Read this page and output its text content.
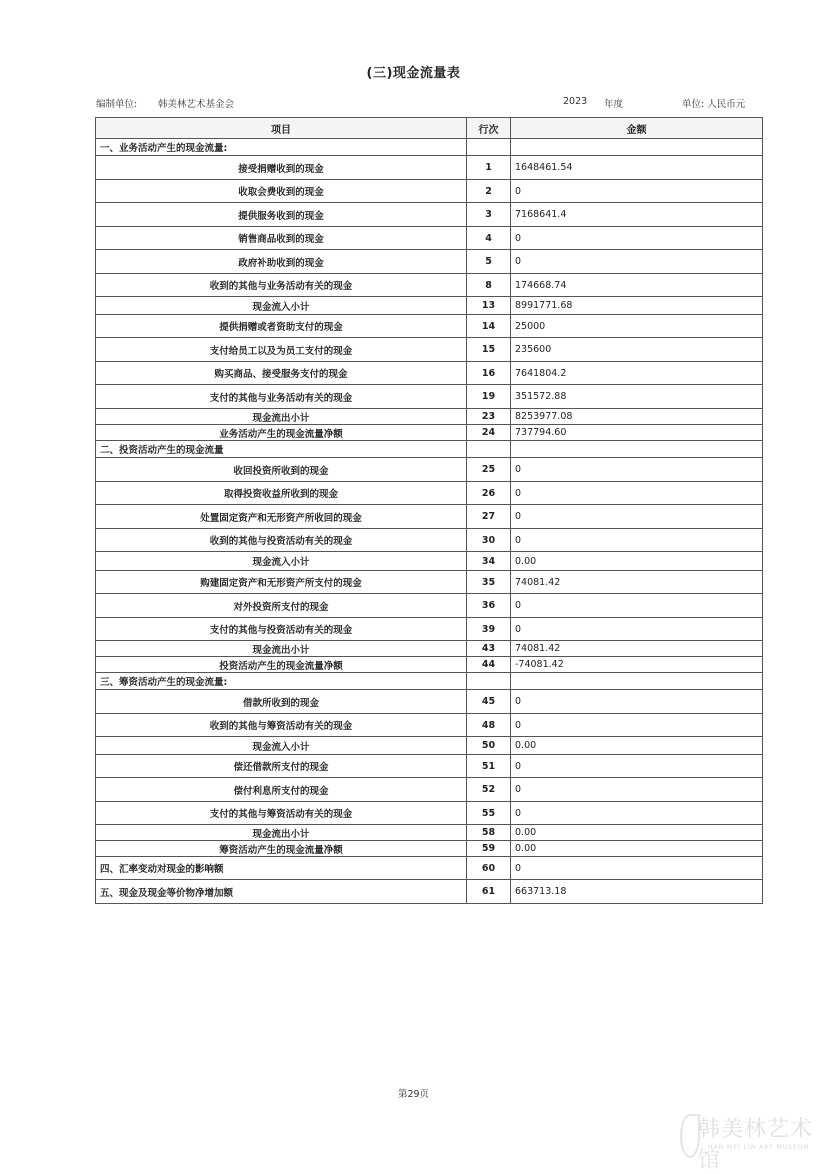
(三)现金流量表
编制单位: 韩美林艺术基金会	2023 年度	单位: 人民币元
项目	行次	金额
一、业务活动产生的现金流量:		
接受捐赠收到的现金	1	1648461.54
收取会费收到的现金	2	0
提供服务收到的现金	3	7168641.4
销售商品收到的现金	4	0
政府补助收到的现金	5	0
收到的其他与业务活动有关的现金	8	174668.74
现金流入小计	13	8991771.68
提供捐赠或者资助支付的现金	14	25000
支付给员工以及为员工支付的现金	15	235600
购买商品、接受服务支付的现金	16	7641804.2
支付的其他与业务活动有关的现金	19	351572.88
现金流出小计	23	8253977.08
业务活动产生的现金流量净额	24	737794.60
二、投资活动产生的现金流量		
收回投资所收到的现金	25	0
取得投资收益所收到的现金	26	0
处置固定资产和无形资产所收回的现金	27	0
收到的其他与投资活动有关的现金	30	0
现金流入小计	34	0.00
购建固定资产和无形资产所支付的现金	35	74081.42
对外投资所支付的现金	36	0
支付的其他与投资活动有关的现金	39	0
现金流出小计	43	74081.42
投资活动产生的现金流量净额	44	-74081.42
三、筹资活动产生的现金流量:		
借款所收到的现金	45	0
收到的其他与筹资活动有关的现金	48	0
现金流入小计	50	0.00
偿还借款所支付的现金	51	0
偿付利息所支付的现金	52	0
支付的其他与筹资活动有关的现金	55	0
现金流出小计	58	0.00
筹资活动产生的现金流量净额	59	0.00
四、汇率变动对现金的影响额	60	0
五、现金及现金等价物净增加额	61	663713.18
第29页
韩美林艺术馆
HAN MEI LIN ART MUSEUM
